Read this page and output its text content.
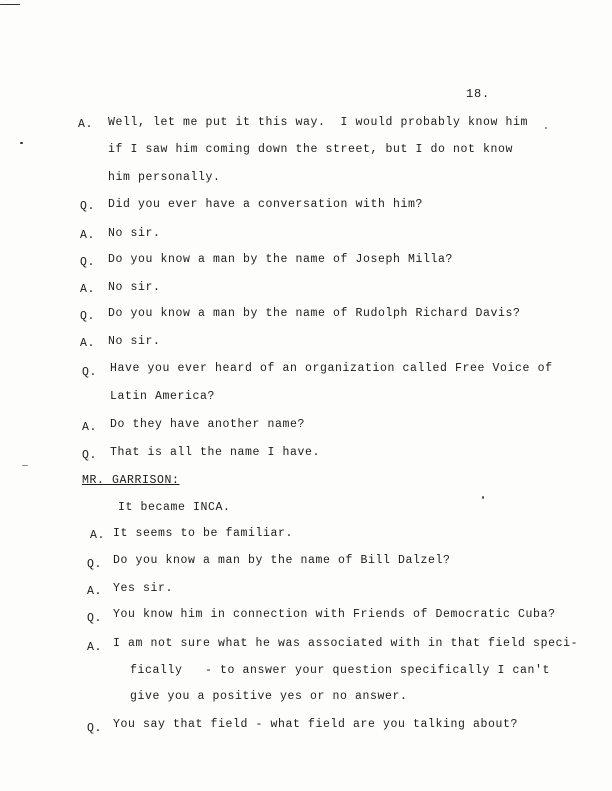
18.
A. Well, let me put it this way.  I would probably know him
if I saw him coming down the street, but I do not know
him personally.
Q. Did you ever have a conversation with him?
A. No sir.
Q. Do you know a man by the name of Joseph Milla?
A. No sir.
Q. Do you know a man by the name of Rudolph Richard Davis?
A. No sir.
Q. Have you ever heard of an organization called Free Voice of
Latin America?
A. Do they have another name?
Q. That is all the name I have.
MR. GARRISON:
It became INCA.
A. It seems to be familiar.
Q. Do you know a man by the name of Bill Dalzel?
A. Yes sir.
Q. You know him in connection with Friends of Democratic Cuba?
A. I am not sure what he was associated with in that field speci-
fically   - to answer your question specifically I can't
give you a positive yes or no answer.
Q. You say that field - what field are you talking about?
